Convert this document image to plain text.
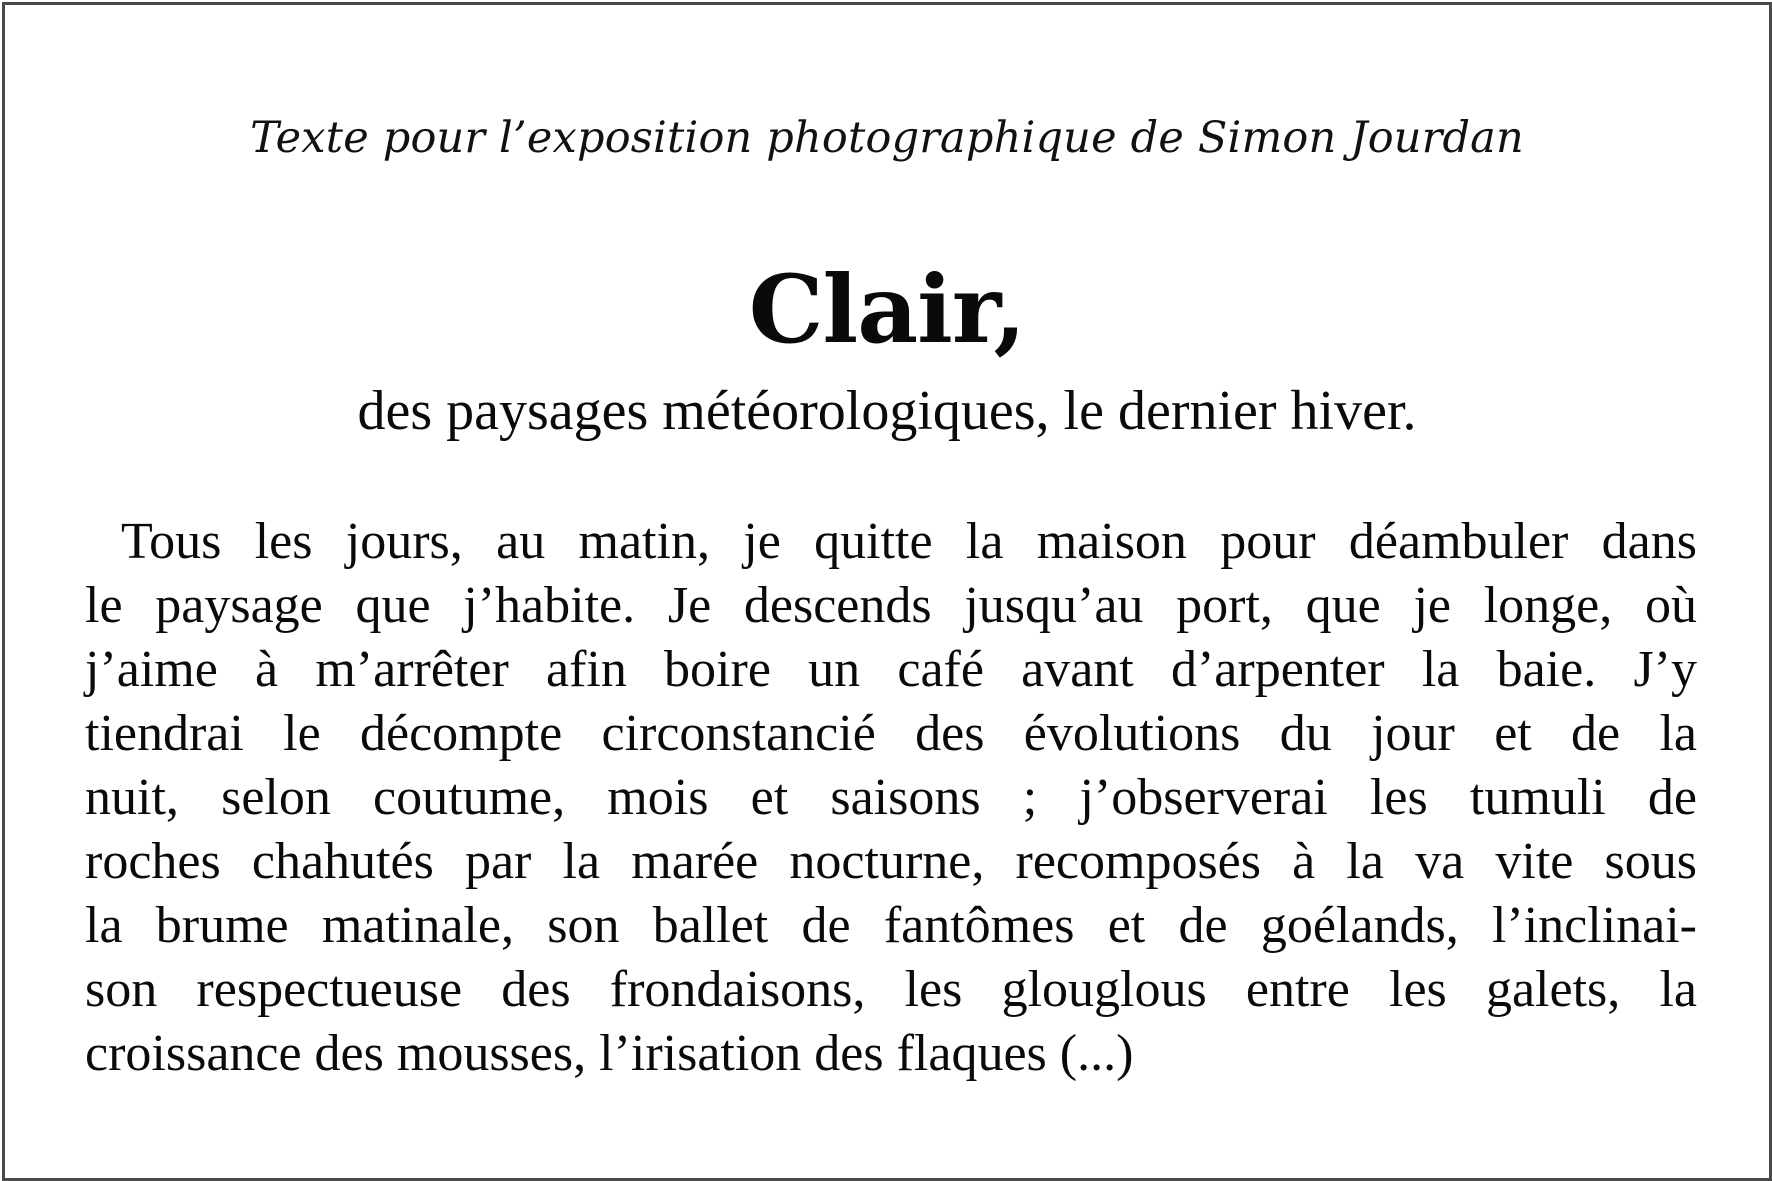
Texte pour l’exposition photographique de Simon Jourdan
Clair,
des paysages météorologiques, le dernier hiver.
Tous les jours, au matin, je quitte la maison pour déambuler dans
le paysage que j’habite. Je descends jusqu’au port, que je longe, où
j’aime à m’arrêter afin boire un café avant d’arpenter la baie. J’y
tiendrai le décompte circonstancié des évolutions du jour et de la
nuit, selon coutume, mois et saisons ; j’observerai les tumuli de
roches chahutés par la marée nocturne, recomposés à la va vite sous
la brume matinale, son ballet de fantômes et de goélands, l’inclinai-
son respectueuse des frondaisons, les glouglous entre les galets, la
croissance des mousses, l’irisation des flaques (...)
